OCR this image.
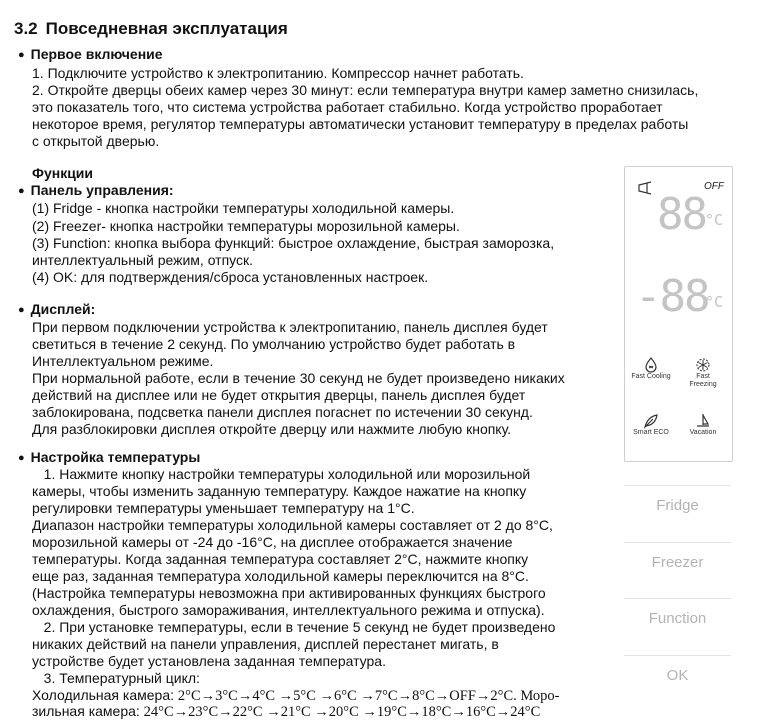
3.2 Повседневная эксплуатация
● Первое включение
1. Подключите устройство к электропитанию. Компрессор начнет работать.
2. Откройте дверцы обеих камер через 30 минут: если температура внутри камер заметно снизилась,
это показатель того, что система устройства работает стабильно. Когда устройство проработает
некоторое время, регулятор температуры автоматически установит температуру в пределах работы
с открытой дверью.
Функции
● Панель управления:
(1) Fridge - кнопка настройки температуры холодильной камеры.
(2) Freezer- кнопка настройки температуры морозильной камеры.
(3) Function: кнопка выбора функций: быстрое охлаждение, быстрая заморозка,
интеллектуальный режим, отпуск.
(4) OK: для подтверждения/сброса установленных настроек.
● Дисплей:
При первом подключении устройства к электропитанию, панель дисплея будет
светиться в течение 2 секунд. По умолчанию устройство будет работать в
Интеллектуальном режиме.
При нормальной работе, если в течение 30 секунд не будет произведено никаких
действий на дисплее или не будет открытия дверцы, панель дисплея будет
заблокирована, подсветка панели дисплея погаснет по истечении 30 секунд.
Для разблокировки дисплея откройте дверцу или нажмите любую кнопку.
● Настройка температуры
1. Нажмите кнопку настройки температуры холодильной или морозильной
камеры, чтобы изменить заданную температуру. Каждое нажатие на кнопку
регулировки температуры уменьшает температуру на 1°C.
Диапазон настройки температуры холодильной камеры составляет от 2 до 8°C,
морозильной камеры от -24 до -16°C, на дисплее отображается значение
температуры. Когда заданная температура составляет 2°C, нажмите кнопку
еще раз, заданная температура холодильной камеры переключится на 8°C.
(Настройка температуры невозможна при активированных функциях быстрого
охлаждения, быстрого замораживания, интеллектуального режима и отпуска).
2. При установке температуры, если в течение 5 секунд не будет произведено
никаких действий на панели управления, дисплей перестанет мигать, в
устройстве будет установлена заданная температура.
3. Температурный цикл:
Холодильная камера: 2°C→3°C→4°C →5°C →6°C →7°C→8°C→OFF→2°C. Моро-
зильная камера: 24°C→23°C→22°C →21°C →20°C →19°C→18°C→16°C→24°C
OFF
88 °C
-88
°C
Fast Cooling	Fast Freezing
Smart ECO	Vacation
Fridge
Freezer
Function
OK
